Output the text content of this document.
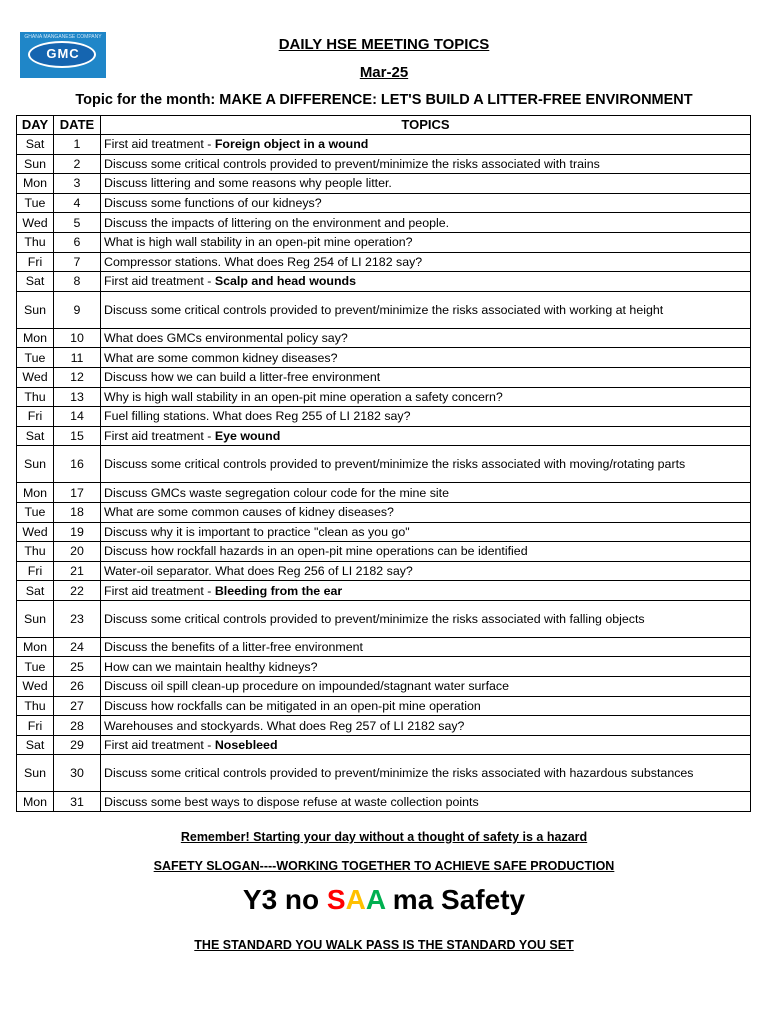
GHANA MANGANESE COMPANY
GMC
DAILY HSE MEETING TOPICS
Mar-25
Topic for the month: MAKE A DIFFERENCE: LET'S BUILD A LITTER-FREE ENVIRONMENT
DAY	DATE	TOPICS
Sat	1	First aid treatment - Foreign object in a wound
Sun	2	Discuss some critical controls provided to prevent/minimize the risks associated with trains
Mon	3	Discuss littering and some reasons why people litter.
Tue	4	Discuss some functions of our kidneys?
Wed	5	Discuss the impacts of littering on the environment and people.
Thu	6	What is high wall stability in an open-pit mine operation?
Fri	7	Compressor stations. What does Reg 254 of LI 2182 say?
Sat	8	First aid treatment - Scalp and head wounds
Sun	9	Discuss some critical controls provided to prevent/minimize the risks associated with working at height
Mon	10	What does GMCs environmental policy say?
Tue	11	What are some common kidney diseases?
Wed	12	Discuss how we can build a litter-free environment
Thu	13	Why is high wall stability in an open-pit mine operation a safety concern?
Fri	14	Fuel filling stations. What does Reg 255 of LI 2182 say?
Sat	15	First aid treatment - Eye wound
Sun	16	Discuss some critical controls provided to prevent/minimize the risks associated with moving/rotating parts
Mon	17	Discuss GMCs waste segregation colour code for the mine site
Tue	18	What are some common causes of kidney diseases?
Wed	19	Discuss why it is important to practice "clean as you go"
Thu	20	Discuss how rockfall hazards in an open-pit mine operations can be identified
Fri	21	Water-oil separator. What does Reg 256 of LI 2182 say?
Sat	22	First aid treatment - Bleeding from the ear
Sun	23	Discuss some critical controls provided to prevent/minimize the risks associated with falling objects
Mon	24	Discuss the benefits of a litter-free environment
Tue	25	How can we maintain healthy kidneys?
Wed	26	Discuss oil spill clean-up procedure on impounded/stagnant water surface
Thu	27	Discuss how rockfalls can be mitigated in an open-pit mine operation
Fri	28	Warehouses and stockyards. What does Reg 257 of LI 2182 say?
Sat	29	First aid treatment - Nosebleed
Sun	30	Discuss some critical controls provided to prevent/minimize the risks associated with hazardous substances
Mon	31	Discuss some best ways to dispose refuse at waste collection points
Remember! Starting your day without a thought of safety is a hazard
SAFETY SLOGAN----WORKING TOGETHER TO ACHIEVE SAFE PRODUCTION
Y3 no SAA ma Safety
THE STANDARD YOU WALK PASS IS THE STANDARD YOU SET
